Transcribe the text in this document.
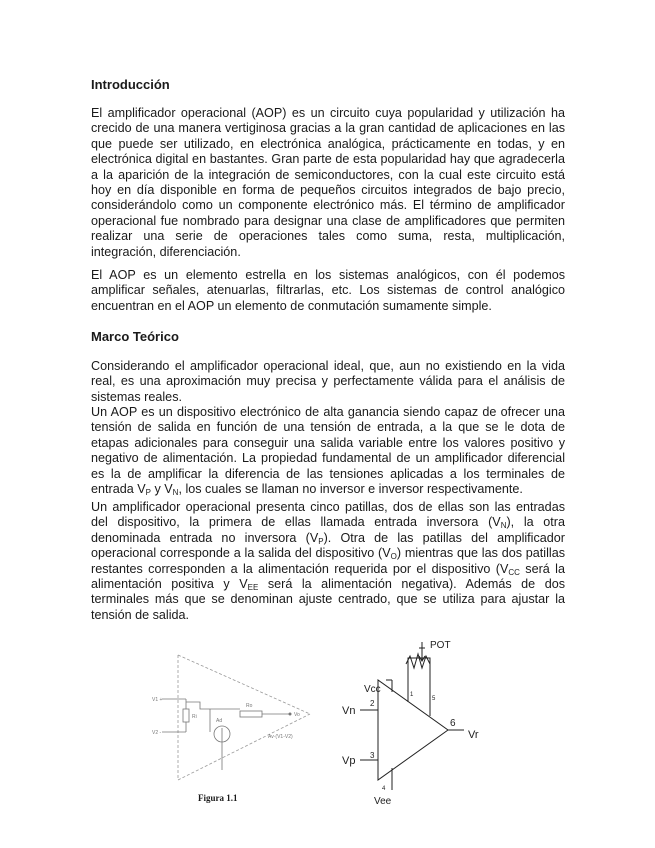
Introducción

El amplificador operacional (AOP) es un circuito cuya popularidad y utilización ha crecido de una manera vertiginosa gracias a la gran cantidad de aplicaciones en las que puede ser utilizado, en electrónica analógica, prácticamente en todas, y en electrónica digital en bastantes. Gran parte de esta popularidad hay que agradecerla a la aparición de la integración de semiconductores, con la cual este circuito está hoy en día disponible en forma de pequeños circuitos integrados de bajo precio, considerándolo como un componente electrónico más. El término de amplificador operacional fue nombrado para designar una clase de amplificadores que permiten realizar una serie de operaciones tales como suma, resta, multiplicación, integración, diferenciación.

El AOP es un elemento estrella en los sistemas analógicos, con él podemos amplificar señales, atenuarlas, filtrarlas, etc. Los sistemas de control analógico encuentran en el AOP un elemento de conmutación sumamente simple.

Marco Teórico

Considerando el amplificador operacional ideal, que, aun no existiendo en la vida real, es una aproximación muy precisa y perfectamente válida para el análisis de sistemas reales.

Un AOP es un dispositivo electrónico de alta ganancia siendo capaz de ofrecer una tensión de salida en función de una tensión de entrada, a la que se le dota de etapas adicionales para conseguir una salida variable entre los valores positivo y negativo de alimentación. La propiedad fundamental de un amplificador diferencial es la de amplificar la diferencia de las tensiones aplicadas a los terminales de entrada $V_P$ y $V_N$, los cuales se llaman no inversor e inversor respectivamente.

Un amplificador operacional presenta cinco patillas, dos de ellas son las entradas del dispositivo, la primera de ellas llamada entrada inversora $(V_N)$, la otra denominada entrada no inversora $(V_P)$. Otra de las patillas del amplificador operacional corresponde a la salida del dispositivo $(V_O)$ mientras que las dos patillas restantes corresponden a la alimentación requerida por el dispositivo ($V_{CC}$ será la alimentación positiva y $V_{EE}$ será la alimentación negativa). Además de dos terminales más que se denominan ajuste centrado, que se utiliza para ajustar la tensión de salida.

V1 +
V2 -
Ro
Vo
Ri
Ad
Av·(V1-V2)

Figura 1.1

POT
Vcc
Vn
Vp
Vee
Vr
2
3
6
1
5
4
